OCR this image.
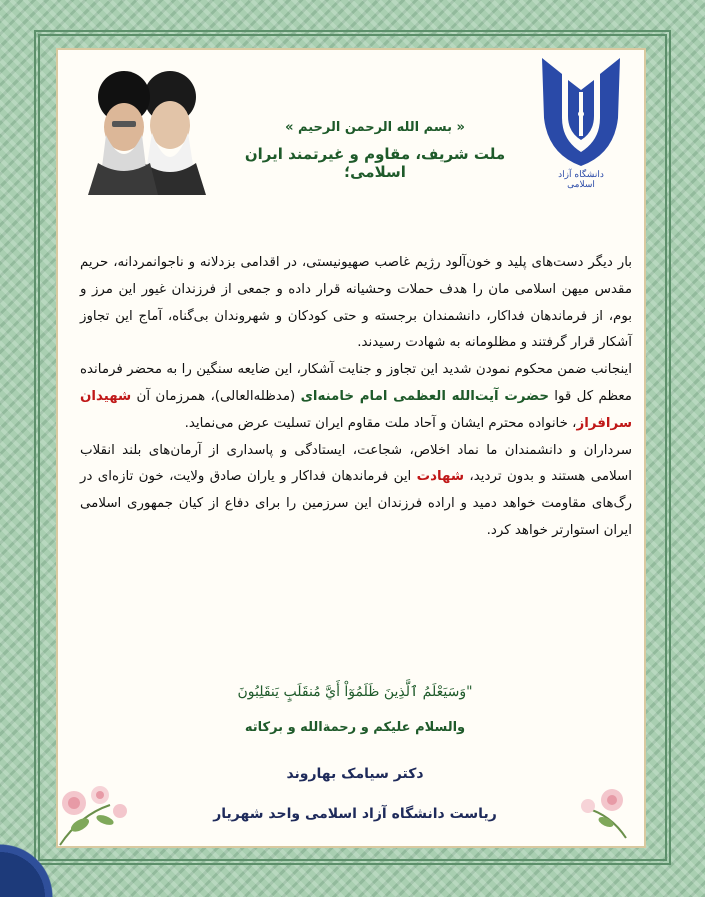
دانشگاه آزاد اسلامی
« بسم الله الرحمن الرحیم »
ملت شریف، مقاوم و غیرتمند ایران اسلامی؛

بار دیگر دست‌های پلید و خون‌آلود رژیم غاصب صهیونیستی، در اقدامی بزدلانه و ناجوانمردانه، حریم مقدس میهن اسلامی مان را هدف حملات وحشیانه قرار داده و جمعی از فرزندان غیور این مرز و بوم، از فرماندهان فداکار، دانشمندان برجسته و حتی کودکان و شهروندان بی‌گناه، آماج این تجاوز آشکار قرار گرفتند و مظلومانه به شهادت رسیدند.

اینجانب ضمن محکوم نمودن شدید این تجاوز و جنایت آشکار، این ضایعه سنگین را به محضر فرمانده معظم کل قوا حضرت آیت‌الله العظمی امام خامنه‌ای (مدظله‌العالی)، همرزمان آن شهیدان سرافراز، خانواده محترم ایشان و آحاد ملت مقاوم ایران تسلیت عرض می‌نماید.

سرداران و دانشمندان ما نماد اخلاص، شجاعت، ایستادگی و پاسداری از آرمان‌های بلند انقلاب اسلامی هستند و بدون تردید، شهادت این فرماندهان فداکار و یاران صادق ولایت، خون تازه‌ای در رگ‌های مقاومت خواهد دمید و اراده فرزندان این سرزمین را برای دفاع از کیان جمهوری اسلامی ایران استوارتر خواهد کرد.

"وَسَيَعْلَمُ ٱلَّذِينَ ظَلَمُوٓاْ أَيَّ مُنقَلَبٍ يَنقَلِبُونَ
والسلام علیکم و رحمة‌الله و برکاته
دکتر سیامک بهاروند
ریاست دانشگاه آزاد اسلامی واحد شهریار
